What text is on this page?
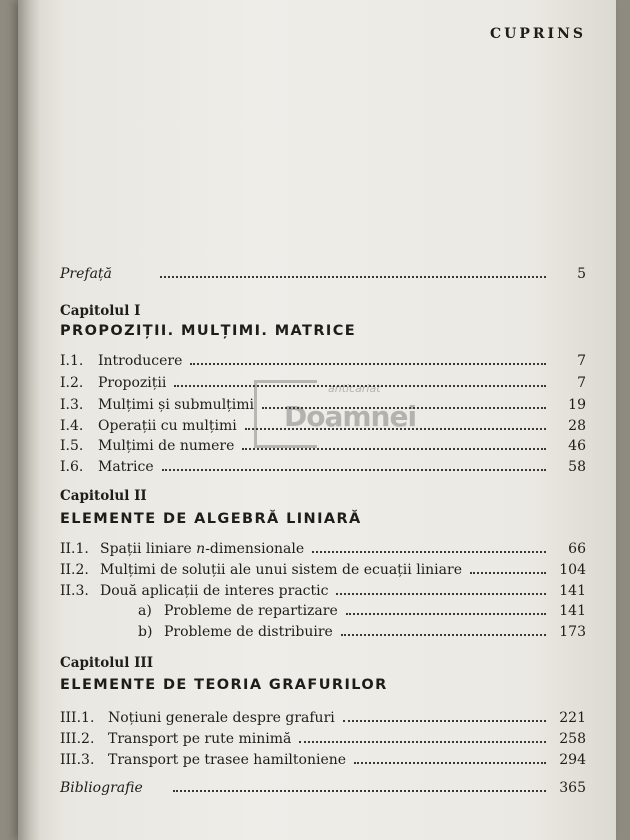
CUPRINS
Prefață	5
Capitolul I
PROPOZIȚII. MULȚIMI. MATRICE
I.1.	Introducere	7
I.2.	Propoziții	7
I.3.	Mulțimi și submulțimi	19
I.4.	Operații cu mulțimi	28
I.5.	Mulțimi de numere	46
I.6.	Matrice	58
Capitolul II
ELEMENTE DE ALGEBRĂ LINIARĂ
II.1. Spații liniare n-dimensionale	66
II.2. Mulțimi de soluții ale unui sistem de ecuații liniare	104
II.3. Două aplicații de interes practic	141
a) Probleme de repartizare	141
b) Probleme de distribuire	173
Capitolul III
ELEMENTE DE TEORIA GRAFURILOR
III.1. Noțiuni generale despre grafuri	221
III.2. Transport pe rute minimă	258
III.3. Transport pe trasee hamiltoniene	294
Bibliografie	365
anticariat
Doamnei
